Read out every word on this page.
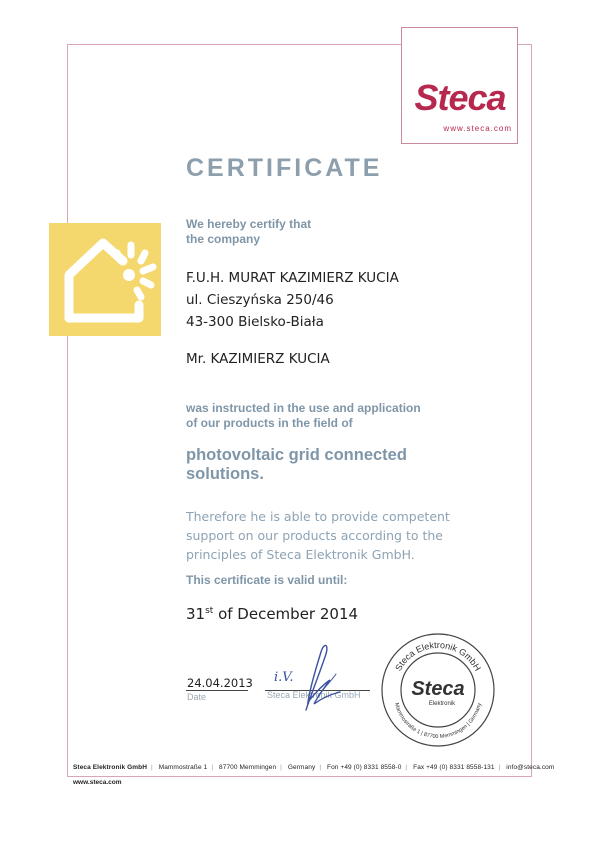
Steca
www.steca.com
CERTIFICATE
We hereby certify that
the company
F.U.H. MURAT KAZIMIERZ KUCIA
ul. Cieszyńska 250/46
43-300 Bielsko-Biała
Mr. KAZIMIERZ KUCIA
was instructed in the use and application
of our products in the field of
photovoltaic grid connected
solutions.
Therefore he is able to provide competent
support on our products according to the
principles of Steca Elektronik GmbH.
This certificate is valid until:
31st of December 2014
24.04.2013
Date
i.V.
Steca Elektronik GmbH
Steca Elektronik GmbH
Mammostraße 1 | 87700 Memmingen | Germany
Steca
Elektronik
Steca Elektronik GmbH | Mammostraße 1 | 87700 Memmingen | Germany | Fon +49 (0) 8331 8558-0 | Fax +49 (0) 8331 8558-131 | info@steca.com
www.steca.com
